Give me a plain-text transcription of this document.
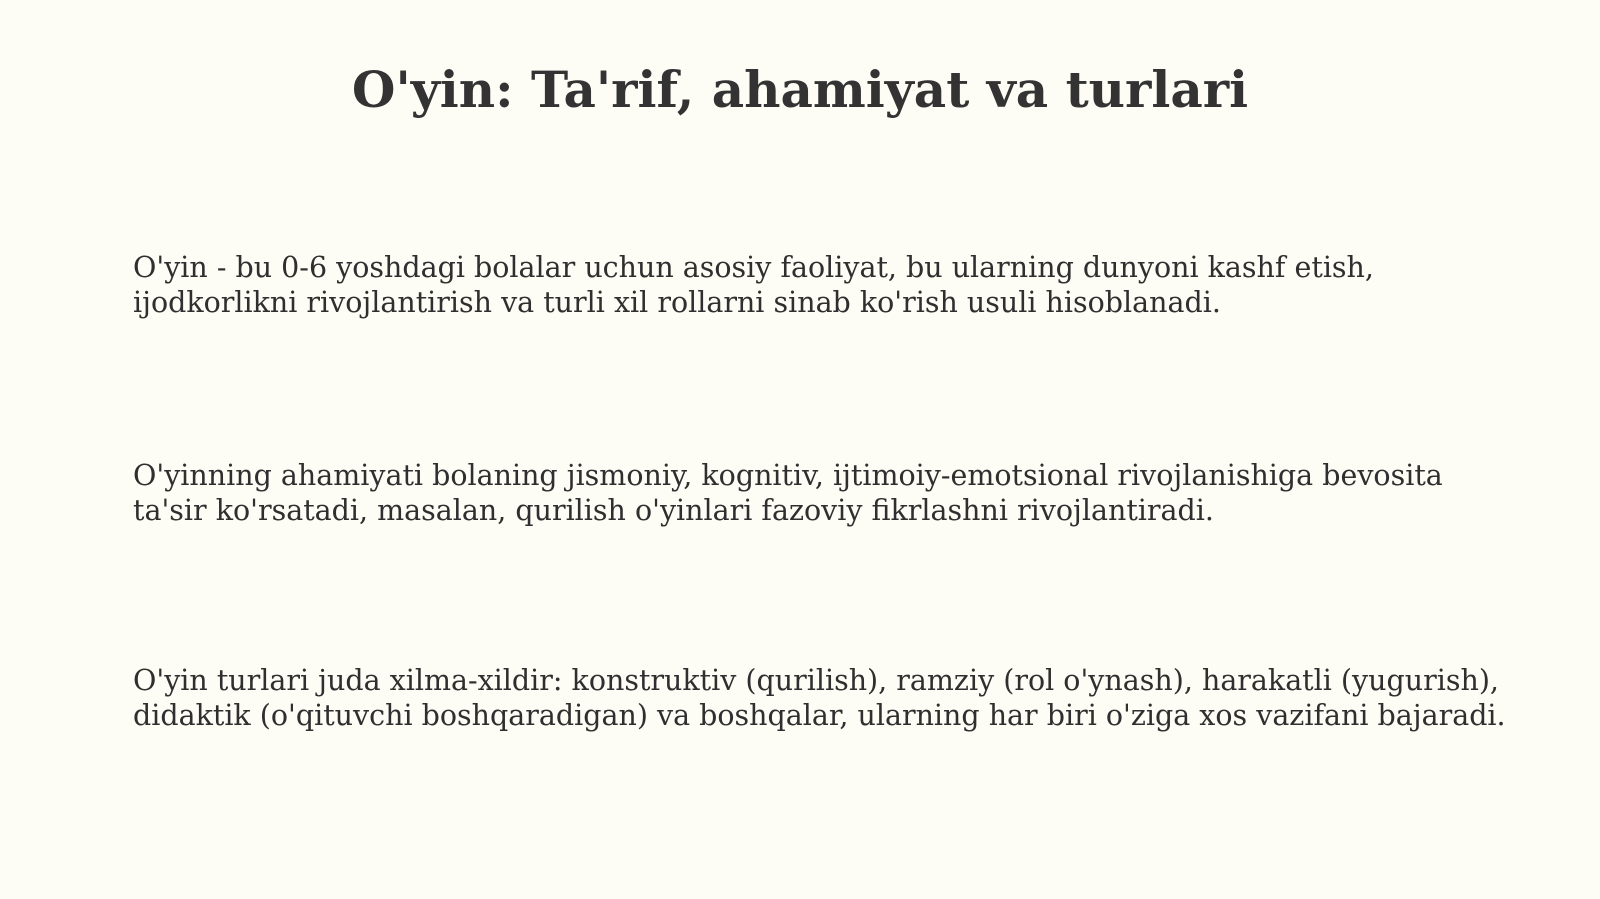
O'yin: Ta'rif, ahamiyat va turlari

O'yin - bu 0-6 yoshdagi bolalar uchun asosiy faoliyat, bu ularning dunyoni kashf etish,
ijodkorlikni rivojlantirish va turli xil rollarni sinab ko'rish usuli hisoblanadi.

O'yinning ahamiyati bolaning jismoniy, kognitiv, ijtimoiy-emotsional rivojlanishiga bevosita
ta'sir ko'rsatadi, masalan, qurilish o'yinlari fazoviy fikrlashni rivojlantiradi.

O'yin turlari juda xilma-xildir: konstruktiv (qurilish), ramziy (rol o'ynash), harakatli (yugurish),
didaktik (o'qituvchi boshqaradigan) va boshqalar, ularning har biri o'ziga xos vazifani bajaradi.
